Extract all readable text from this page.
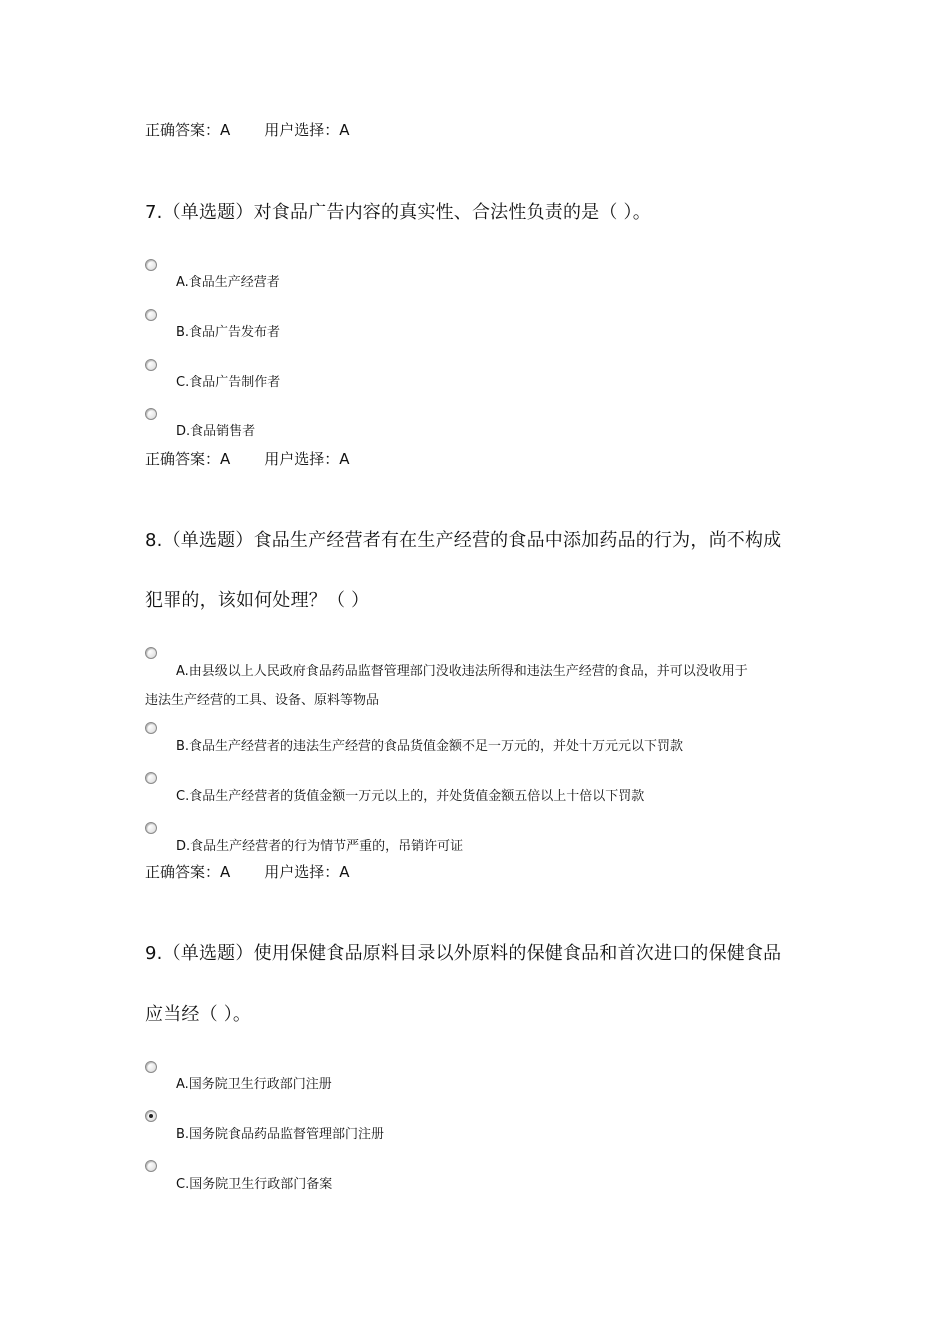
正确答案：A 用户选择：A
7.（单选题）对食品广告内容的真实性、合法性负责的是（ ）。
A.食品生产经营者
B.食品广告发布者
C.食品广告制作者
D.食品销售者
正确答案：A 用户选择：A
8.（单选题）食品生产经营者有在生产经营的食品中添加药品的行为，尚不构成
犯罪的，该如何处理？（ ）
A.由县级以上人民政府食品药品监督管理部门没收违法所得和违法生产经营的食品，并可以没收用于
违法生产经营的工具、设备、原料等物品
B.食品生产经营者的违法生产经营的食品货值金额不足一万元的，并处十万元元以下罚款
C.食品生产经营者的货值金额一万元以上的，并处货值金额五倍以上十倍以下罚款
D.食品生产经营者的行为情节严重的，吊销许可证
正确答案：A 用户选择：A
9.（单选题）使用保健食品原料目录以外原料的保健食品和首次进口的保健食品
应当经（ ）。
A.国务院卫生行政部门注册
B.国务院食品药品监督管理部门注册
C.国务院卫生行政部门备案
